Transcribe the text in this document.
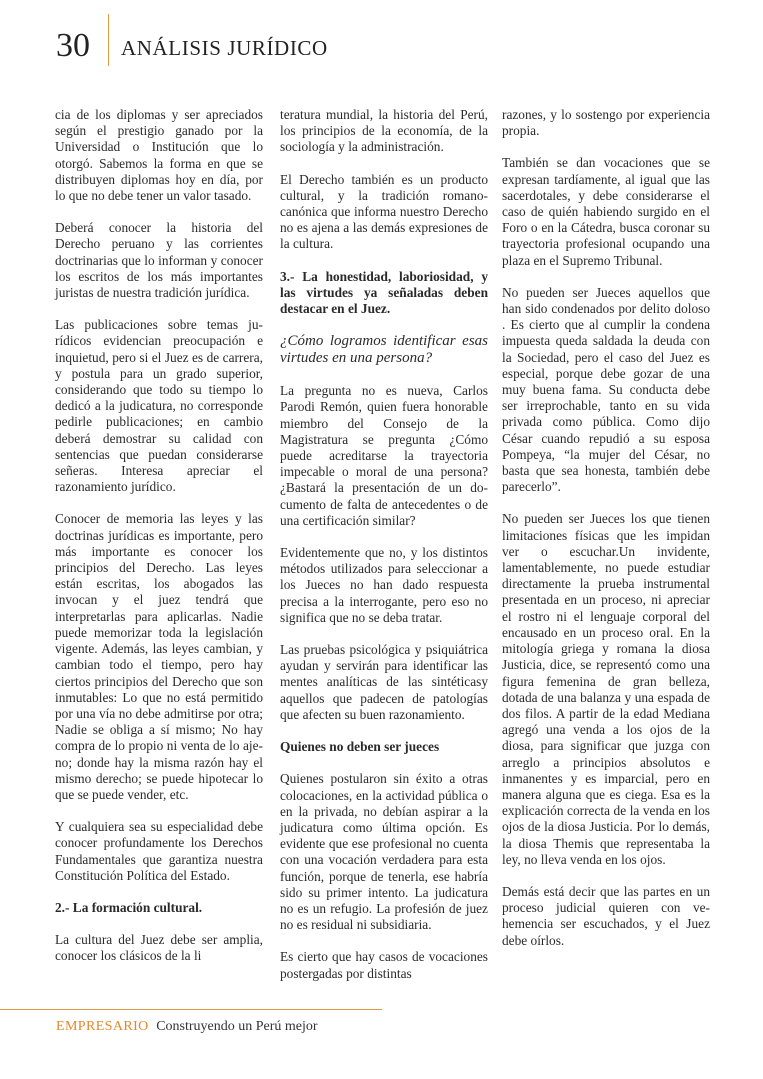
30 ANÁLISIS JURÍDICO

cia de los diplomas y ser apreciados según el prestigio ganado por la Universidad o Institución que lo otorgó. Sabemos la forma en que se distribuyen diplomas hoy en día, por lo que no debe tener un valor tasado.

Deberá conocer la historia del Derecho peruano y las corrientes doctrinarias que lo informan y conocer los escritos de los más importantes juristas de nuestra tradición jurídica.

Las publicaciones sobre temas jurídicos evidencian preocupación e inquietud, pero si el Juez es de carrera, y postula para un grado superior, considerando que todo su tiempo lo dedicó a la judicatura, no corresponde pedirle publicaciones; en cambio deberá demostrar su calidad con sentencias que puedan considerarse señeras. Interesa apreciar el razonamiento jurídico.

Conocer de memoria las leyes y las doctrinas jurídicas es importante, pero más importante es conocer los principios del Derecho. Las leyes están escritas, los abogados las invocan y el juez tendrá que interpretarlas para aplicarlas. Nadie puede memorizar toda la legislación vigente. Además, las leyes cambian, y cambian todo el tiempo, pero hay ciertos principios del Derecho que son inmutables: Lo que no está permitido por una vía no debe admitirse por otra; Nadie se obliga a sí mismo; No hay compra de lo propio ni venta de lo ajeno; donde hay la misma razón hay el mismo derecho; se puede hipotecar lo que se puede vender, etc.

Y cualquiera sea su especialidad debe conocer profundamente los Derechos Fundamentales que garantiza nuestra Constitución Política del Estado.

2.- La formación cultural.

La cultura del Juez debe ser amplia, conocer los clásicos de la li

teratura mundial, la historia del Perú, los principios de la economía, de la sociología y la administración.

El Derecho también es un producto cultural, y la tradición romano-canónica que informa nuestro Derecho no es ajena a las demás expresiones de la cultura.

3.- La honestidad, laboriosidad, y las virtudes ya señaladas deben destacar en el Juez.

¿Cómo logramos identificar esas virtudes en una persona?

La pregunta no es nueva, Carlos Parodi Remón, quien fuera honorable miembro del Consejo de la Magistratura se pregunta ¿Cómo puede acreditarse la trayectoria impecable o moral de una persona? ¿Bastará la presentación de un documento de falta de antecedentes o de una certificación similar?

Evidentemente que no, y los distintos métodos utilizados para seleccionar a los Jueces no han dado respuesta precisa a la interrogante, pero eso no significa que no se deba tratar.

Las pruebas psicológica y psiquiátrica ayudan y servirán para identificar las mentes analíticas de las sintéticasy aquellos que padecen de patologías que afecten su buen razonamiento.

Quienes no deben ser jueces

Quienes postularon sin éxito a otras colocaciones, en la actividad pública o en la privada, no debían aspirar a la judicatura como última opción. Es evidente que ese profesional no cuenta con una vocación verdadera para esta función, porque de tenerla, ese habría sido su primer intento. La judicatura no es un refugio. La profesión de juez no es residual ni subsidiaria.

Es cierto que hay casos de vocaciones postergadas por distintas

razones, y lo sostengo por experiencia propia.

También se dan vocaciones que se expresan tardíamente, al igual que las sacerdotales, y debe considerarse el caso de quién habiendo surgido en el Foro o en la Cátedra, busca coronar su trayectoria profesional ocupando una plaza en el Supremo Tribunal.

No pueden ser Jueces aquellos que han sido condenados por delito doloso . Es cierto que al cumplir la condena impuesta queda saldada la deuda con la Sociedad, pero el caso del Juez es especial, porque debe gozar de una muy buena fama. Su conducta debe ser irreprochable, tanto en su vida privada como pública. Como dijo César cuando repudió a su esposa Pompeya, “la mujer del César, no basta que sea honesta, también debe parecerlo”.

No pueden ser Jueces los que tienen limitaciones físicas que les impidan ver o escuchar.Un invidente, lamentablemente, no puede estudiar directamente la prueba instrumental presentada en un proceso, ni apreciar el rostro ni el lenguaje corporal del encausado en un proceso oral. En la mitología griega y romana la diosa Justicia, dice, se representó como una figura femenina de gran belleza, dotada de una balanza y una espada de dos filos. A partir de la edad Mediana agregó una venda a los ojos de la diosa, para significar que juzga con arreglo a principios absolutos e inmanentes y es imparcial, pero en manera alguna que es ciega. Esa es la explicación correcta de la venda en los ojos de la diosa Justicia. Por lo demás, la diosa Themis que representaba la ley, no lleva venda en los ojos.

Demás está decir que las partes en un proceso judicial quieren con vehemencia ser escuchados, y el Juez debe oírlos.

EMPRESARIO Construyendo un Perú mejor
